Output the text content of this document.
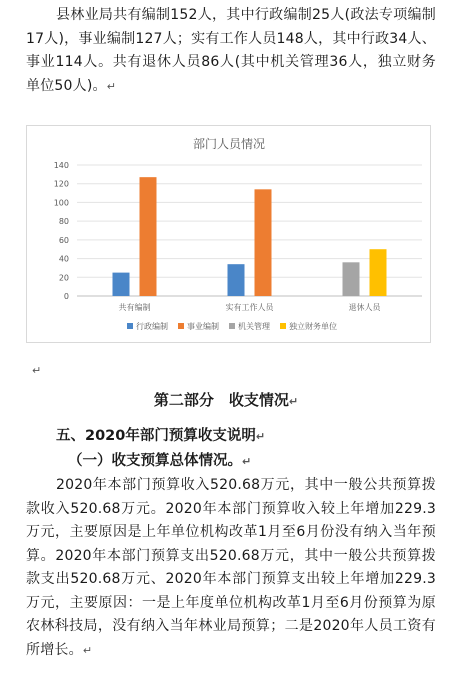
县林业局共有编制152人，其中行政编制25人(政法专项编制17人)，事业编制127人；实有工作人员148人，其中行政34人、事业114人。共有退休人员86人(其中机关管理36人，独立财务单位50人)。↵

部门人员情况
0
20
40
60
80
100
120
140
共有编制	实有工作人员	退休人员
行政编制 事业编制 机关管理 独立财务单位
↵

第二部分　收支情况↵

五、2020年部门预算收支说明↵

（一）收支预算总体情况。↵

2020年本部门预算收入520.68万元，其中一般公共预算拨款收入520.68万元。2020年本部门预算收入较上年增加229.3万元，主要原因是上年单位机构改革1月至6月份没有纳入当年预算。2020年本部门预算支出520.68万元，其中一般公共预算拨款支出520.68万元、2020年本部门预算支出较上年增加229.3万元，主要原因：一是上年度单位机构改革1月至6月份预算为原农林科技局，没有纳入当年林业局预算；二是2020年人员工资有所增长。↵
